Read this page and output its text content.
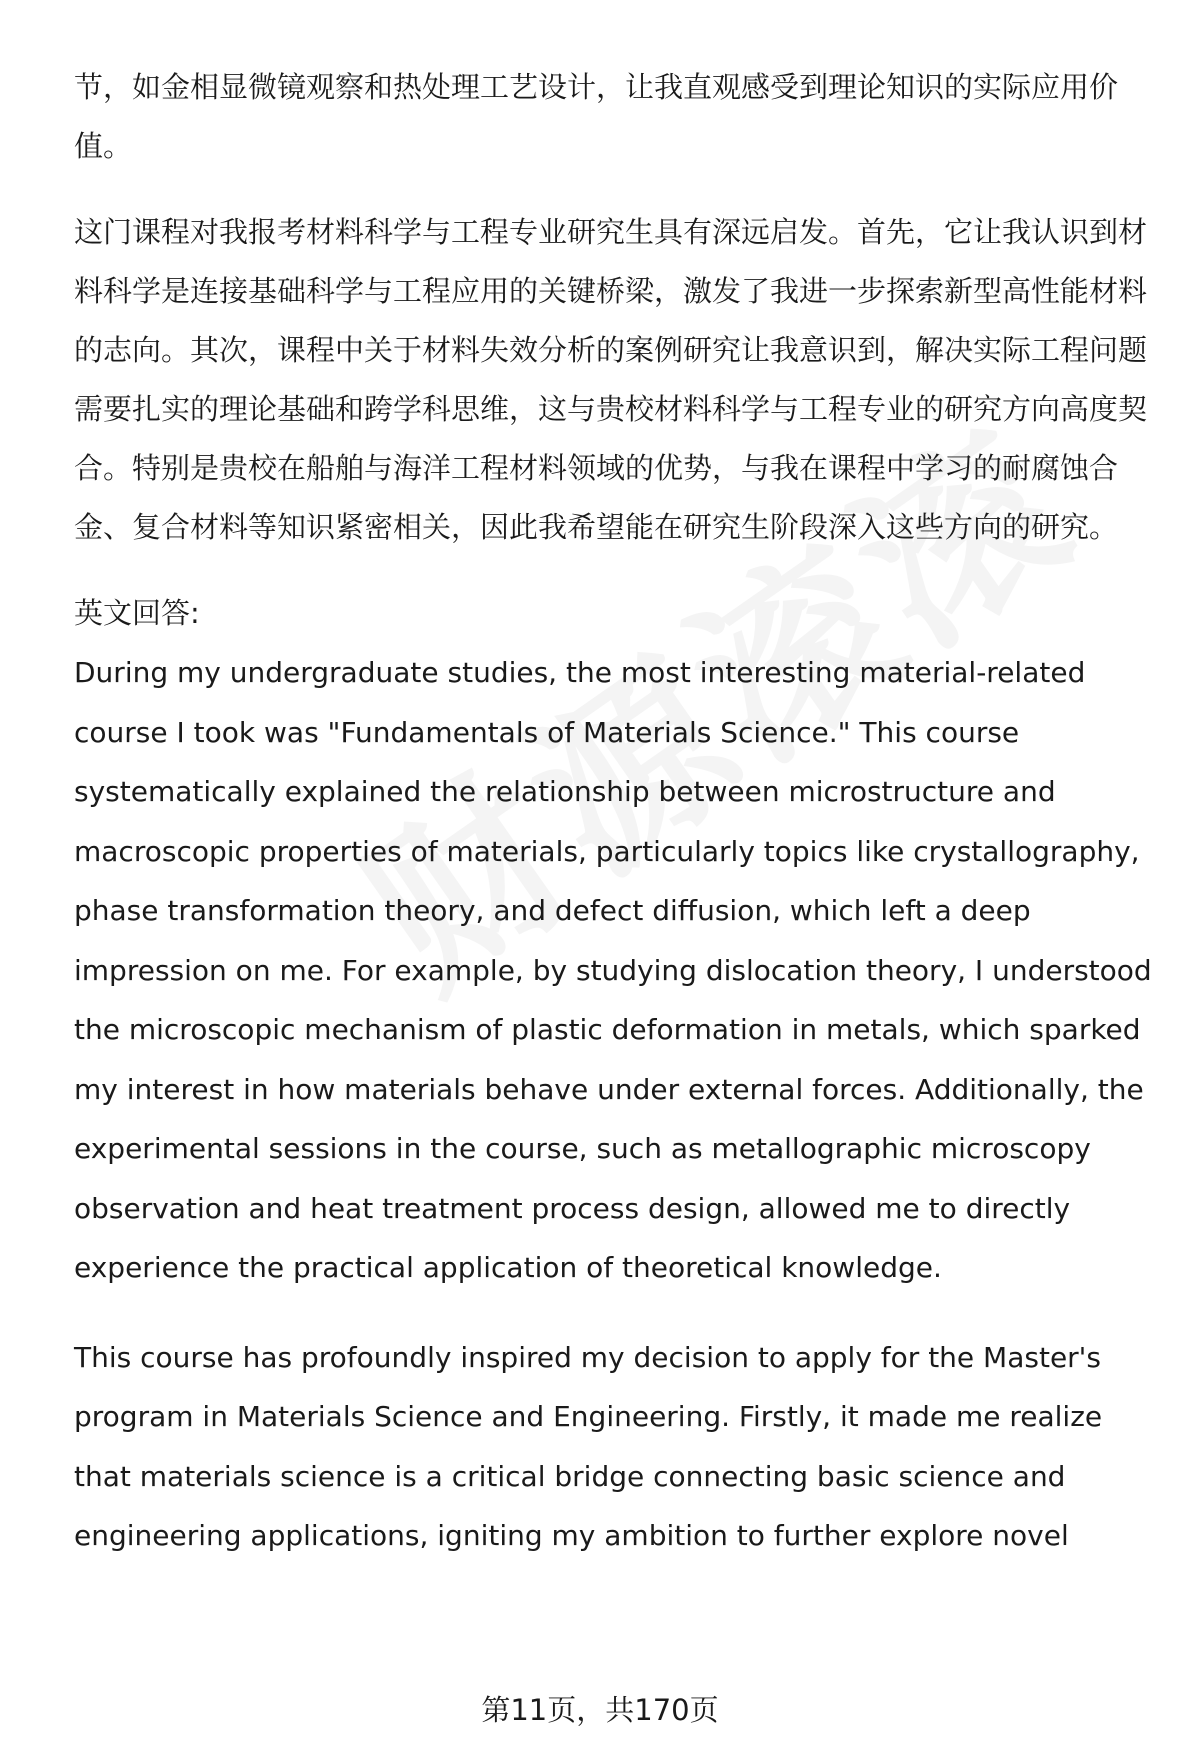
节，如金相显微镜观察和热处理工艺设计，让我直观感受到理论知识的实际应用价值。

这门课程对我报考材料科学与工程专业研究生具有深远启发。首先，它让我认识到材料科学是连接基础科学与工程应用的关键桥梁，激发了我进一步探索新型高性能材料的志向。其次，课程中关于材料失效分析的案例研究让我意识到，解决实际工程问题需要扎实的理论基础和跨学科思维，这与贵校材料科学与工程专业的研究方向高度契合。特别是贵校在船舶与海洋工程材料领域的优势，与我在课程中学习的耐腐蚀合金、复合材料等知识紧密相关，因此我希望能在研究生阶段深入这些方向的研究。

英文回答:

During my undergraduate studies, the most interesting material-related course I took was "Fundamentals of Materials Science." This course systematically explained the relationship between microstructure and macroscopic properties of materials, particularly topics like crystallography, phase transformation theory, and defect diffusion, which left a deep impression on me. For example, by studying dislocation theory, I understood the microscopic mechanism of plastic deformation in metals, which sparked my interest in how materials behave under external forces. Additionally, the experimental sessions in the course, such as metallographic microscopy observation and heat treatment process design, allowed me to directly experience the practical application of theoretical knowledge.

This course has profoundly inspired my decision to apply for the Master's program in Materials Science and Engineering. Firstly, it made me realize that materials science is a critical bridge connecting basic science and engineering applications, igniting my ambition to further explore novel

第11页，共170页
